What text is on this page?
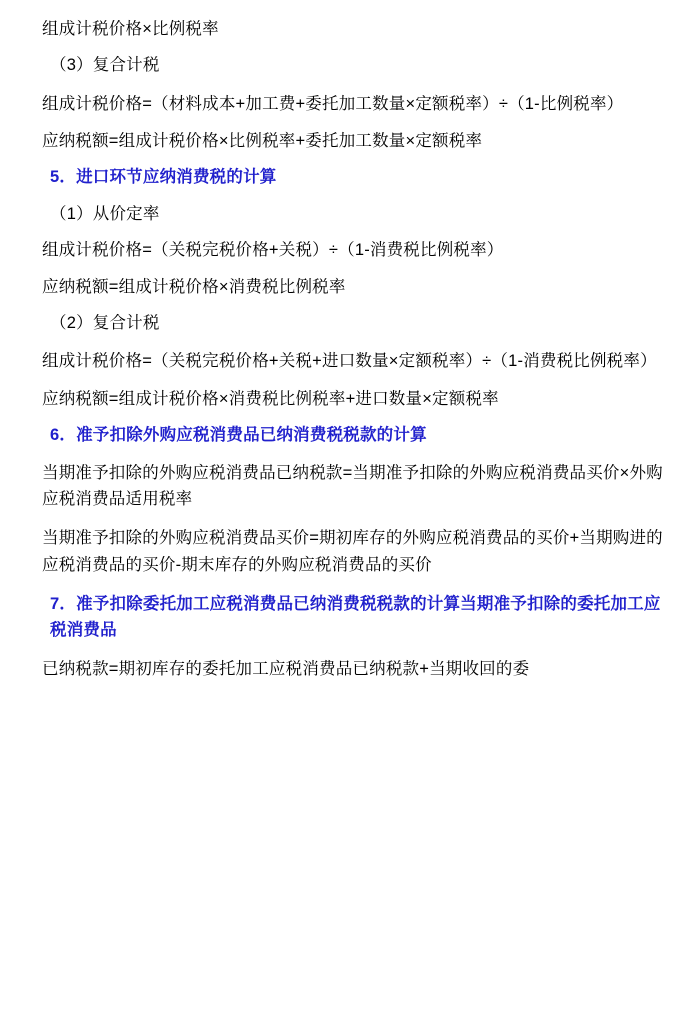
组成计税价格×比例税率

（3）复合计税

组成计税价格=（材料成本+加工费+委托加工数量×定额税率）÷（1-比例税率）

应纳税额=组成计税价格×比例税率+委托加工数量×定额税率

5．进口环节应纳消费税的计算

（1）从价定率

组成计税价格=（关税完税价格+关税）÷（1-消费税比例税率）

应纳税额=组成计税价格×消费税比例税率

（2）复合计税

组成计税价格=（关税完税价格+关税+进口数量×定额税率）÷（1-消费税比例税率）

应纳税额=组成计税价格×消费税比例税率+进口数量×定额税率

6．准予扣除外购应税消费品已纳消费税税款的计算

当期准予扣除的外购应税消费品已纳税款=当期准予扣除的外购应税消费品买价×外购应税消费品适用税率
当期准予扣除的外购应税消费品买价=期初库存的外购应税消费品的买价+当期购进的应税消费品的买价-期末库存的外购应税消费品的买价
7．准予扣除委托加工应税消费品已纳消费税税款的计算当期准予扣除的委托加工应税消费品
已纳税款=期初库存的委托加工应税消费品已纳税款+当期收回的委
